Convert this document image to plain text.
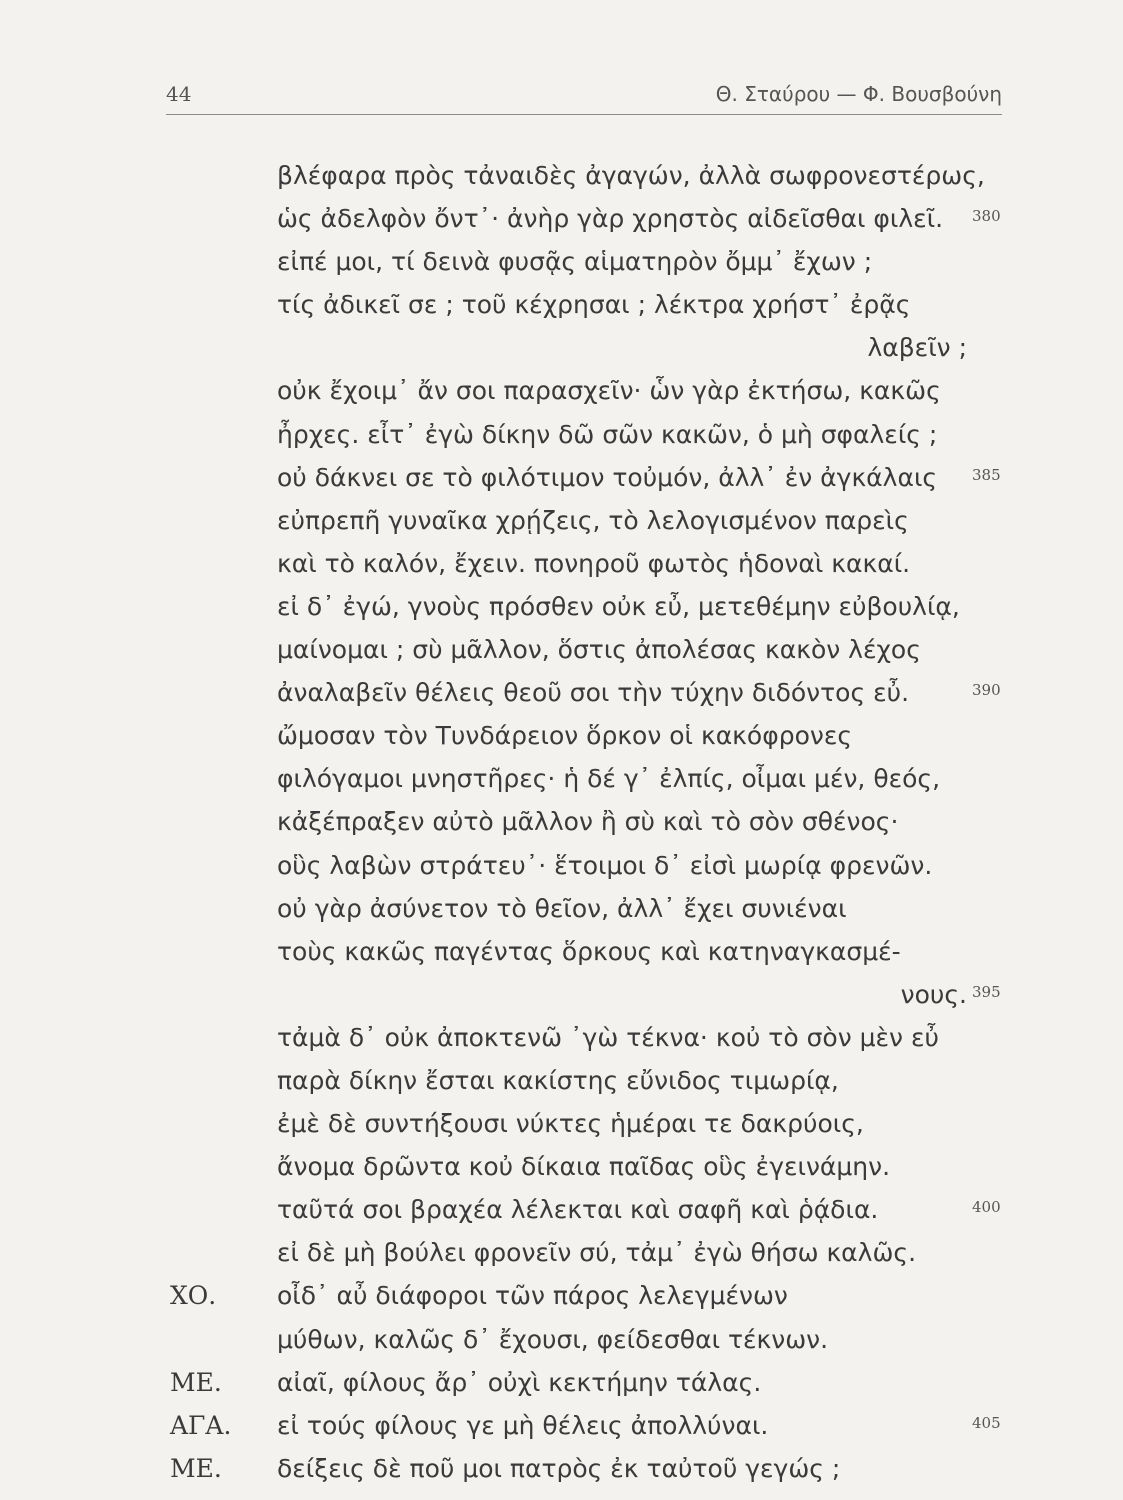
44	Θ. Σταύρου — Φ. Βουσβούνη
βλέφαρα πρὸς τἀναιδὲς ἀγαγών, ἀλλὰ σωφρονεστέρως,
ὡς ἀδελφὸν ὄντ᾽· ἀνὴρ γὰρ χρηστὸς αἰδεῖσθαι φιλεῖ. 380
εἰπέ μοι, τί δεινὰ φυσᾷς αἱματηρὸν ὄμμ᾽ ἔχων ;
τίς ἀδικεῖ σε ; τοῦ κέχρησαι ; λέκτρα χρήστ᾽ ἐρᾷς
λαβεῖν ;
οὐκ ἔχοιμ᾽ ἄν σοι παρασχεῖν· ὧν γὰρ ἐκτήσω, κακῶς
ἦρχες. εἶτ᾽ ἐγὼ δίκην δῶ σῶν κακῶν, ὁ μὴ σφαλείς ;
οὐ δάκνει σε τὸ φιλότιμον τοὐμόν, ἀλλ᾽ ἐν ἀγκάλαις 385
εὐπρεπῆ γυναῖκα χρῄζεις, τὸ λελογισμένον παρεὶς
καὶ τὸ καλόν, ἔχειν. πονηροῦ φωτὸς ἡδοναὶ κακαί.
εἰ δ᾽ ἐγώ, γνοὺς πρόσθεν οὐκ εὖ, μετεθέμην εὐβουλίᾳ,
μαίνομαι ; σὺ μᾶλλον, ὅστις ἀπολέσας κακὸν λέχος
ἀναλαβεῖν θέλεις θεοῦ σοι τὴν τύχην διδόντος εὖ.	390
ὤμοσαν τὸν Τυνδάρειον ὅρκον οἱ κακόφρονες
φιλόγαμοι μνηστῆρες· ἡ δέ γ᾽ ἐλπίς, οἶμαι μέν, θεός,
κἀξέπραξεν αὐτὸ μᾶλλον ἢ σὺ καὶ τὸ σὸν σθένος·
οὓς λαβὼν στράτευ᾽· ἕτοιμοι δ᾽ εἰσὶ μωρίᾳ φρενῶν.
οὐ γὰρ ἀσύνετον τὸ θεῖον, ἀλλ᾽ ἔχει συνιέναι
τοὺς κακῶς παγέντας ὅρκους καὶ κατηναγκασμέ-
νους. 395
τἀμὰ δ᾽ οὐκ ἀποκτενῶ ᾽γὼ τέκνα· κοὐ τὸ σὸν μὲν εὖ
παρὰ δίκην ἔσται κακίστης εὔνιδος τιμωρίᾳ,
ἐμὲ δὲ συντήξουσι νύκτες ἡμέραι τε δακρύοις,
ἄνομα δρῶντα κοὐ δίκαια παῖδας οὓς ἐγεινάμην.
ταῦτά σοι βραχέα λέλεκται καὶ σαφῆ καὶ ῥᾴδια.	400
εἰ δὲ μὴ βούλει φρονεῖν σύ, τἀμ᾽ ἐγὼ θήσω καλῶς.
ΧΟ. οἶδ᾽ αὖ διάφοροι τῶν πάρος λελεγμένων
μύθων, καλῶς δ᾽ ἔχουσι, φείδεσθαι τέκνων.
ΜΕ. αἰαῖ, φίλους ἄρ᾽ οὐχὶ κεκτήμην τάλας.
ΑΓΑ. εἰ τούς φίλους γε μὴ θέλεις ἀπολλύναι.	405
ΜΕ. δείξεις δὲ ποῦ μοι πατρὸς ἐκ ταὐτοῦ γεγώς ;
